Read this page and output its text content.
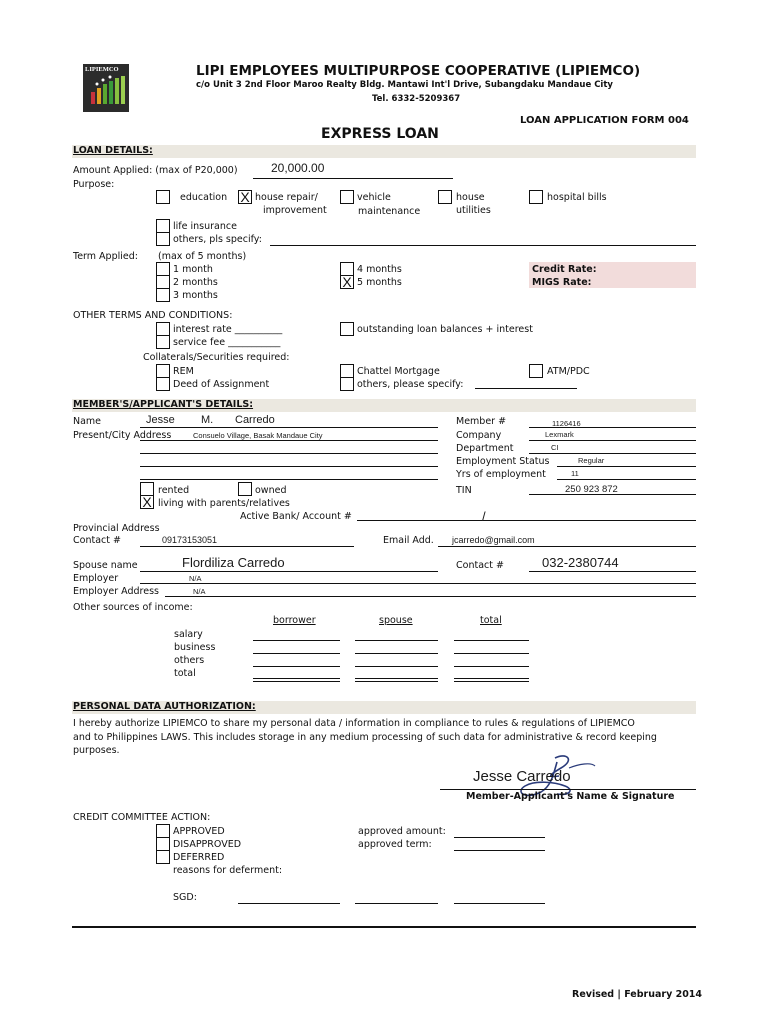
LIPIEMCO	LIPI EMPLOYEES MULTIPURPOSE COOPERATIVE (LIPIEMCO)
c/o Unit 3 2nd Floor Maroo Realty Bldg. Mantawi Int'l Drive, Subangdaku Mandaue City
Tel. 6332-5209367
LOAN APPLICATION FORM 004
EXPRESS LOAN
LOAN DETAILS:
Amount Applied: (max of P20,000)	20,000.00
Purpose:
education X house repair/
improvement
vehicle
maintenance
house
utilities
hospital bills
life insurance
others, pls specify:
Term Applied: (max of 5 months)
1 month
2 months
3 months
4 months
X 5 months
Credit Rate:
MIGS Rate:
OTHER TERMS AND CONDITIONS:
interest rate __________
service fee ___________
outstanding loan balances + interest
Collaterals/Securities required:
REM
Deed of Assignment
Chattel Mortgage
others, please specify:
ATM/PDC
MEMBER'S/APPLICANT'S DETAILS:
Name	Jesse M. Carredo
Present/City Address	Consuelo Village, Basak Mandaue City
rented	owned
X living with parents/relatives
Active Bank/ Account #	/
Member #	1126416
Company	Lexmark
Department	CI
Employment Status	Regular
Yrs of employment	11
TIN	250 923 872
Provincial Address
Contact #	09173153051	Email Add. jcarredo@gmail.com
Spouse name	Flordiliza Carredo	Contact #	032-2380744
Employer	N/A
Employer Address	N/A
Other sources of income:
borrower	spouse	total
salary
business
others
total
PERSONAL DATA AUTHORIZATION:
I hereby authorize LIPIEMCO to share my personal data / information in compliance to rules & regulations of LIPIEMCO
and to Philippines LAWS. This includes storage in any medium processing of such data for administrative & record keeping
purposes.
Jesse Carredo
Member-Applicant's Name & Signature
CREDIT COMMITTEE ACTION:
APPROVED
DISAPPROVED
DEFERRED
reasons for deferment:
approved amount:
approved term:
SGD:
Revised | February 2014
